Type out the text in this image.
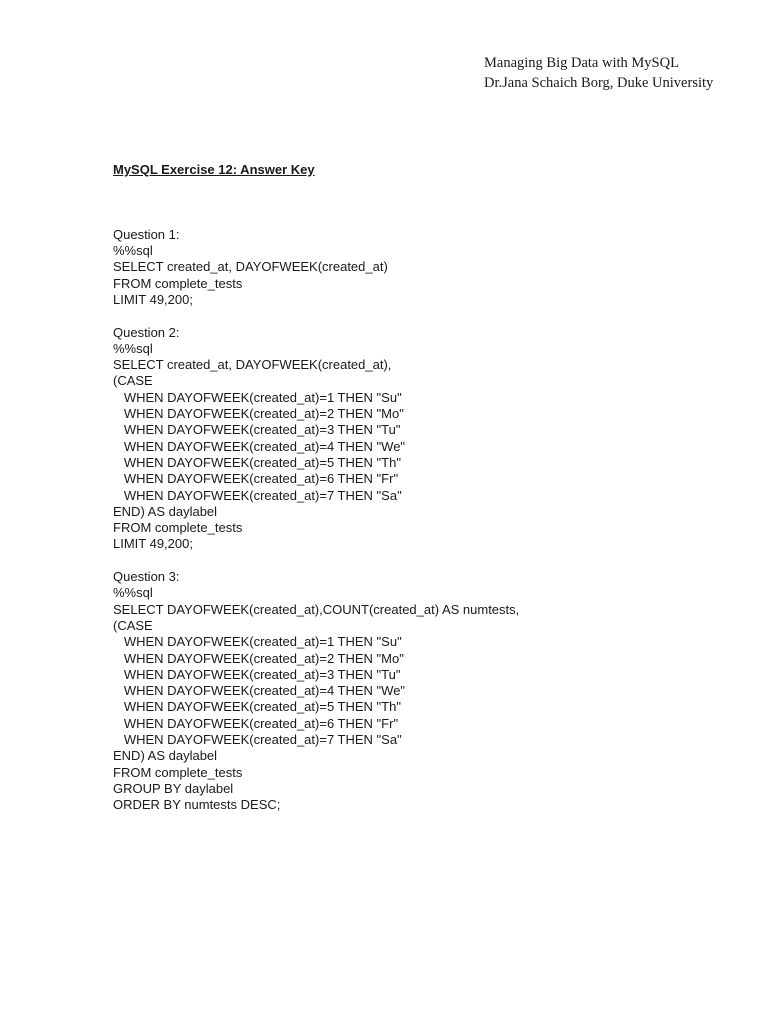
Managing Big Data with MySQL
Dr.Jana Schaich Borg, Duke University

MySQL Exercise 12: Answer Key

Question 1:
%%sql
SELECT created_at, DAYOFWEEK(created_at)
FROM complete_tests
LIMIT 49,200;
Question 2:
%%sql
SELECT created_at, DAYOFWEEK(created_at),
(CASE
WHEN DAYOFWEEK(created_at)=1 THEN "Su"
WHEN DAYOFWEEK(created_at)=2 THEN "Mo"
WHEN DAYOFWEEK(created_at)=3 THEN "Tu"
WHEN DAYOFWEEK(created_at)=4 THEN "We"
WHEN DAYOFWEEK(created_at)=5 THEN "Th"
WHEN DAYOFWEEK(created_at)=6 THEN "Fr"
WHEN DAYOFWEEK(created_at)=7 THEN "Sa"
END) AS daylabel
FROM complete_tests
LIMIT 49,200;
Question 3:
%%sql
SELECT DAYOFWEEK(created_at),COUNT(created_at) AS numtests,
(CASE
WHEN DAYOFWEEK(created_at)=1 THEN "Su"
WHEN DAYOFWEEK(created_at)=2 THEN "Mo"
WHEN DAYOFWEEK(created_at)=3 THEN "Tu"
WHEN DAYOFWEEK(created_at)=4 THEN "We"
WHEN DAYOFWEEK(created_at)=5 THEN "Th"
WHEN DAYOFWEEK(created_at)=6 THEN "Fr"
WHEN DAYOFWEEK(created_at)=7 THEN "Sa"
END) AS daylabel
FROM complete_tests
GROUP BY daylabel
ORDER BY numtests DESC;
